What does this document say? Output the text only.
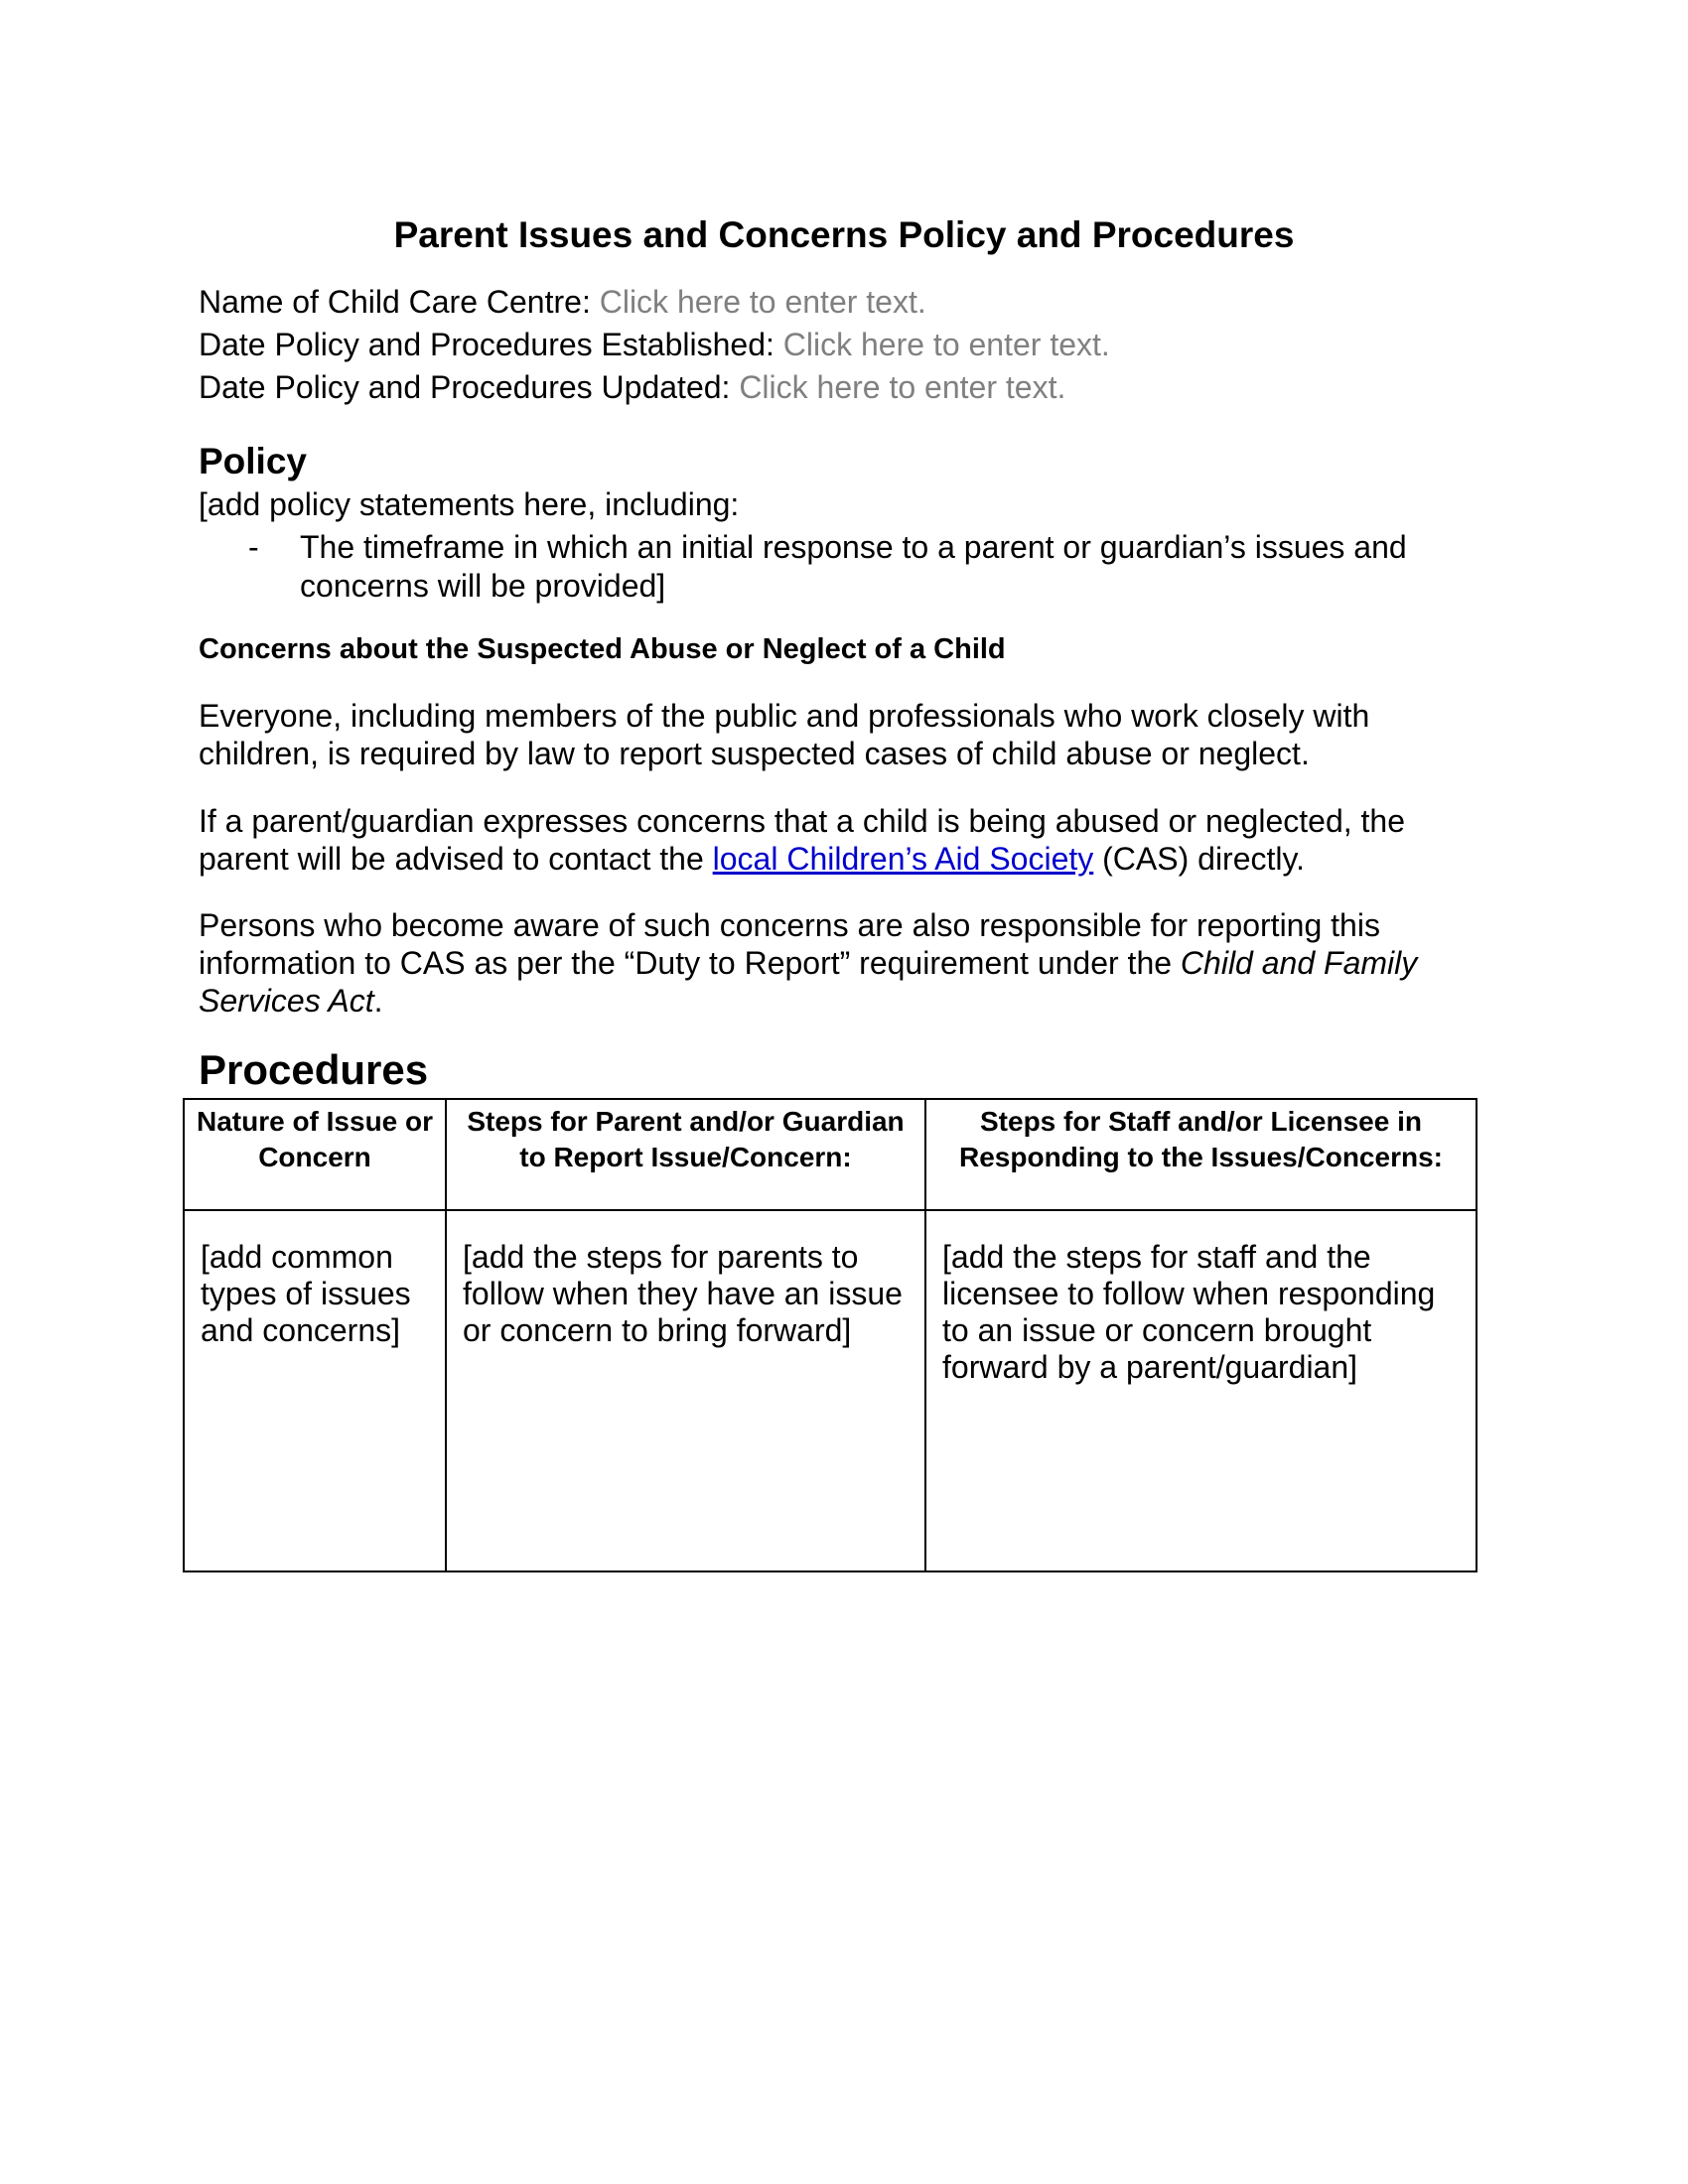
Parent Issues and Concerns Policy and Procedures
Name of Child Care Centre: Click here to enter text.
Date Policy and Procedures Established: Click here to enter text.
Date Policy and Procedures Updated: Click here to enter text.
Policy
[add policy statements here, including:
- The timeframe in which an initial response to a parent or guardian’s issues and concerns will be provided]
Concerns about the Suspected Abuse or Neglect of a Child
Everyone, including members of the public and professionals who work closely with
children, is required by law to report suspected cases of child abuse or neglect.
If a parent/guardian expresses concerns that a child is being abused or neglected, the
parent will be advised to contact the local Children’s Aid Society (CAS) directly.
Persons who become aware of such concerns are also responsible for reporting this
information to CAS as per the “Duty to Report” requirement under the Child and Family
Services Act.
Procedures
Nature of Issue or Concern	Steps for Parent and/or Guardian to Report Issue/Concern:	Steps for Staff and/or Licensee in Responding to the Issues/Concerns:
[add common types of issues and concerns]	[add the steps for parents to follow when they have an issue or concern to bring forward]	[add the steps for staff and the licensee to follow when responding to an issue or concern brought forward by a parent/guardian]
